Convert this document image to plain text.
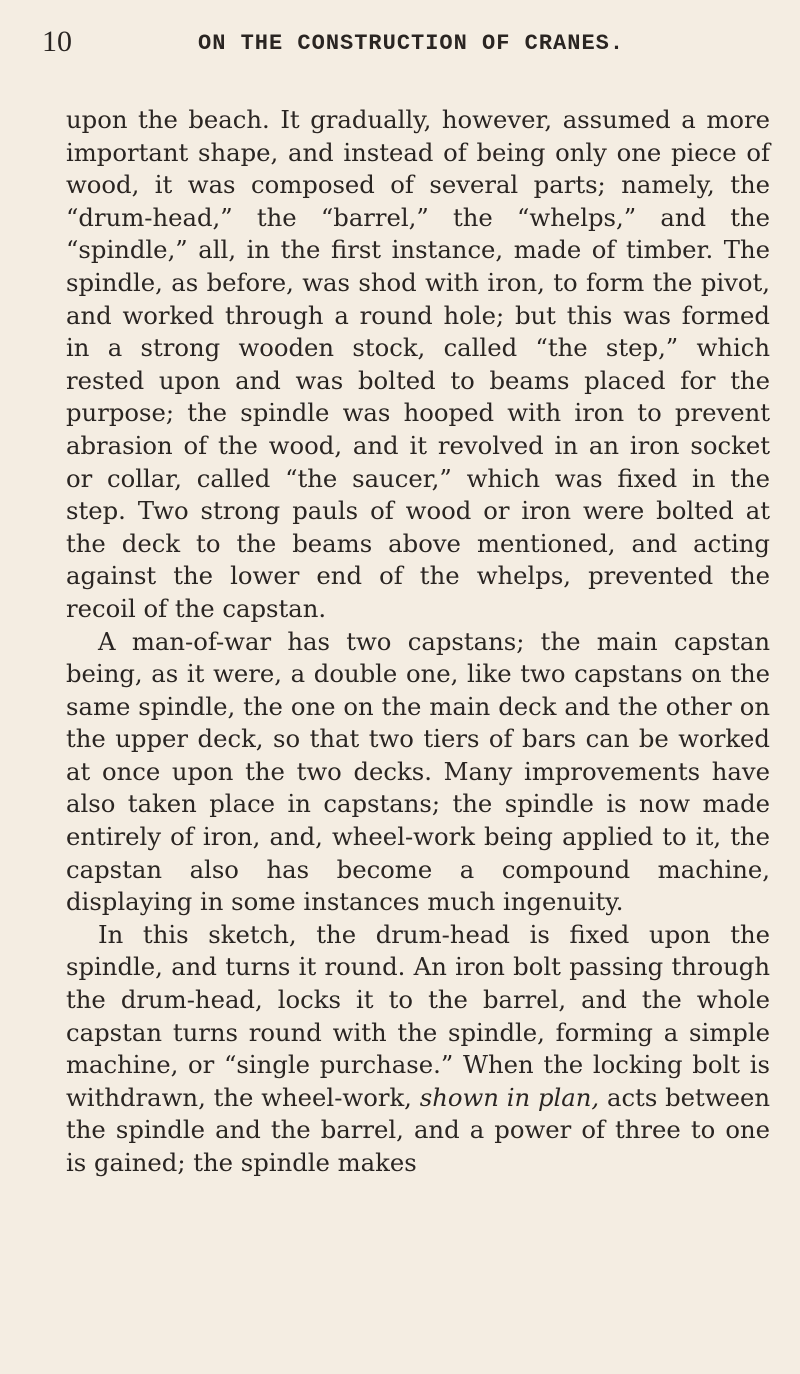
10	ON THE CONSTRUCTION OF CRANES.

upon the beach. It gradually, however, assumed a more important shape, and instead of being only one piece of wood, it was composed of several parts; namely, the “drum-head,” the “barrel,” the “whelps,” and the “spindle,” all, in the first instance, made of timber. The spindle, as before, was shod with iron, to form the pivot, and worked through a round hole; but this was formed in a strong wooden stock, called “the step,” which rested upon and was bolted to beams placed for the purpose; the spindle was hooped with iron to prevent abrasion of the wood, and it revolved in an iron socket or collar, called “the saucer,” which was fixed in the step. Two strong pauls of wood or iron were bolted at the deck to the beams above mentioned, and acting against the lower end of the whelps, prevented the recoil of the capstan.

A man-of-war has two capstans; the main capstan being, as it were, a double one, like two capstans on the same spindle, the one on the main deck and the other on the upper deck, so that two tiers of bars can be worked at once upon the two decks. Many improvements have also taken place in capstans; the spindle is now made entirely of iron, and, wheel-work being applied to it, the capstan also has become a compound machine, displaying in some instances much ingenuity.

In this sketch, the drum-head is fixed upon the spindle, and turns it round. An iron bolt passing through the drum-head, locks it to the barrel, and the whole capstan turns round with the spindle, forming a simple machine, or “single purchase.” When the locking bolt is withdrawn, the wheel-work, shown in plan, acts between the spindle and the barrel, and a power of three to one is gained; the spindle makes
